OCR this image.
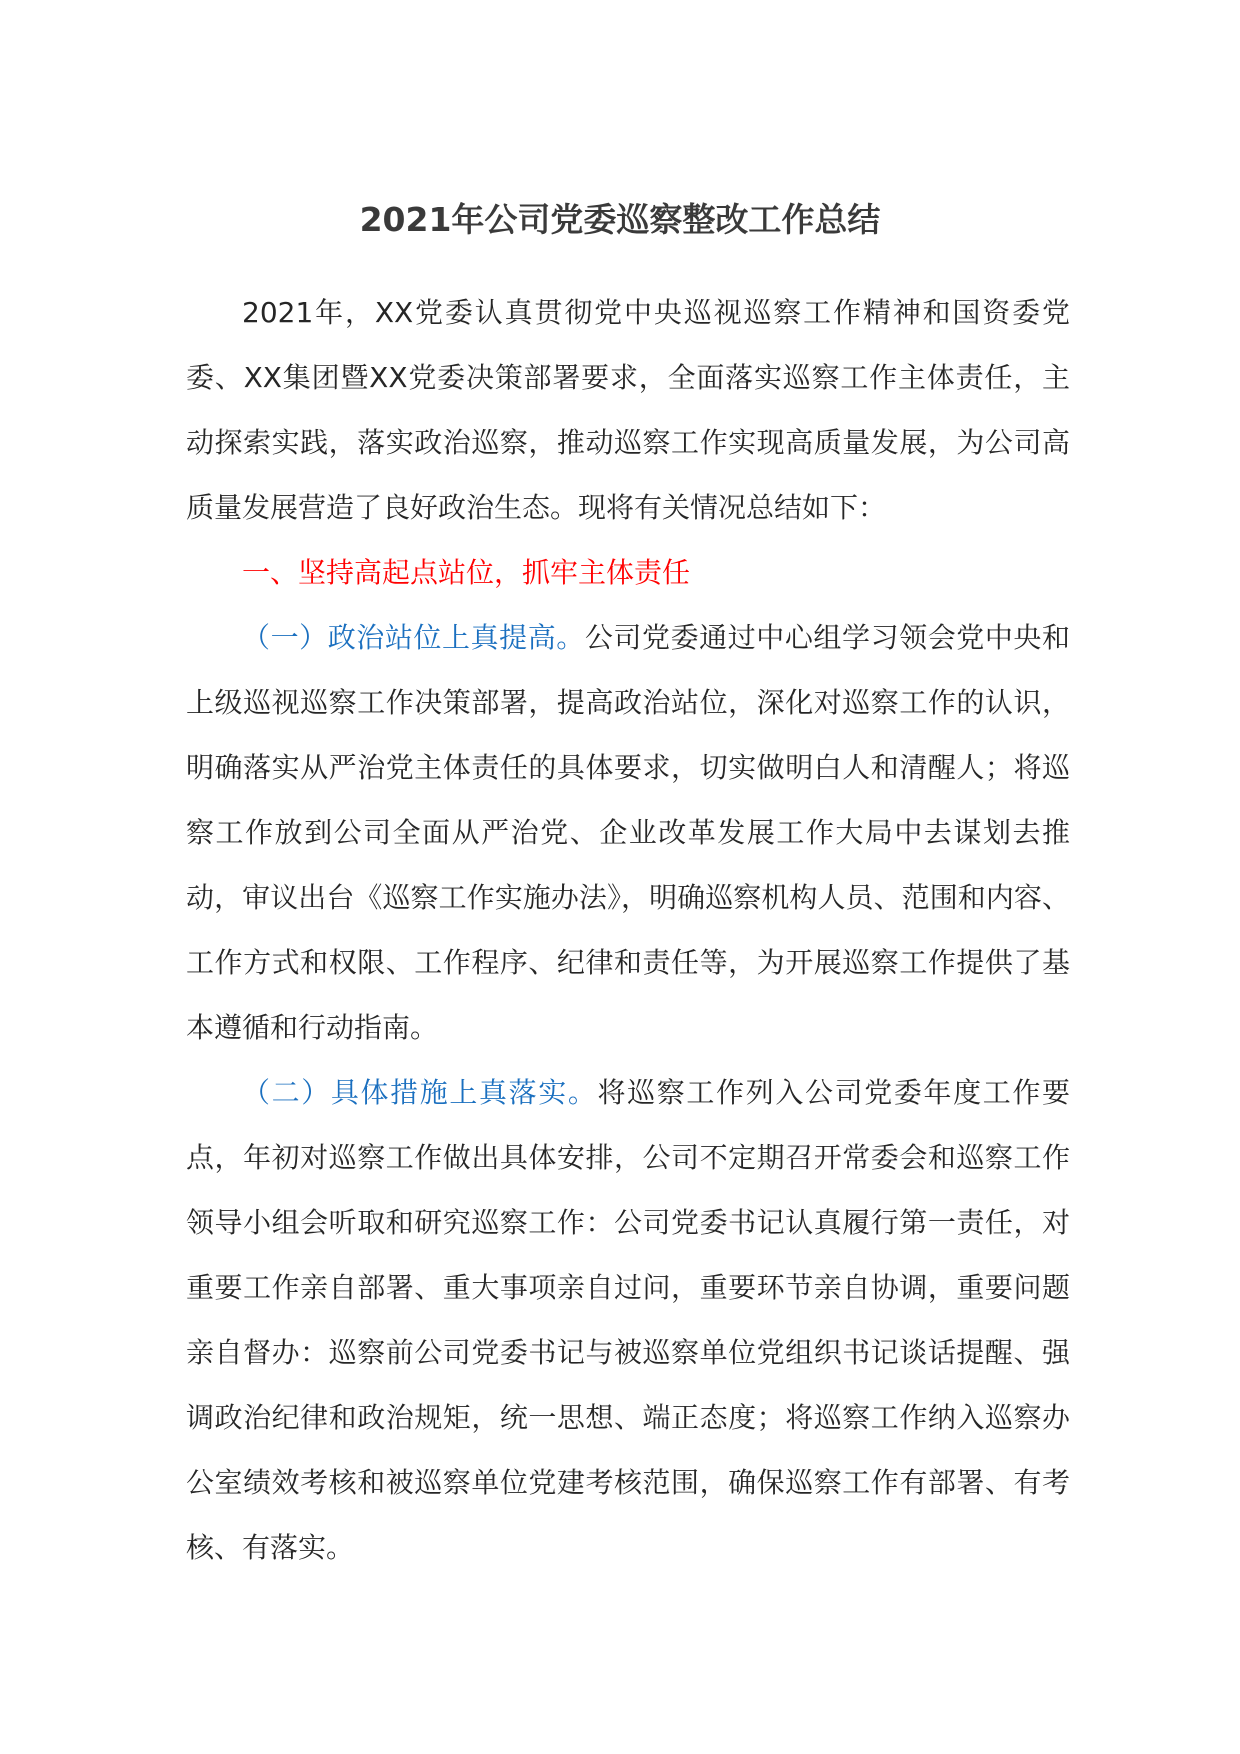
2021年公司党委巡察整改工作总结

2021年，XX党委认真贯彻党中央巡视巡察工作精神和国资委党委、XX集团暨XX党委决策部署要求，全面落实巡察工作主体责任，主动探索实践，落实政治巡察，推动巡察工作实现高质量发展，为公司高质量发展营造了良好政治生态。现将有关情况总结如下：

一、坚持高起点站位，抓牢主体责任

（一）政治站位上真提高。公司党委通过中心组学习领会党中央和上级巡视巡察工作决策部署，提高政治站位，深化对巡察工作的认识，明确落实从严治党主体责任的具体要求，切实做明白人和清醒人；将巡察工作放到公司全面从严治党、企业改革发展工作大局中去谋划去推动，审议出台《巡察工作实施办法》，明确巡察机构人员、范围和内容、工作方式和权限、工作程序、纪律和责任等，为开展巡察工作提供了基本遵循和行动指南。

（二）具体措施上真落实。将巡察工作列入公司党委年度工作要点，年初对巡察工作做出具体安排，公司不定期召开常委会和巡察工作领导小组会听取和研究巡察工作：公司党委书记认真履行第一责任，对重要工作亲自部署、重大事项亲自过问，重要环节亲自协调，重要问题亲自督办：巡察前公司党委书记与被巡察单位党组织书记谈话提醒、强调政治纪律和政治规矩，统一思想、端正态度；将巡察工作纳入巡察办公室绩效考核和被巡察单位党建考核范围，确保巡察工作有部署、有考核、有落实。
